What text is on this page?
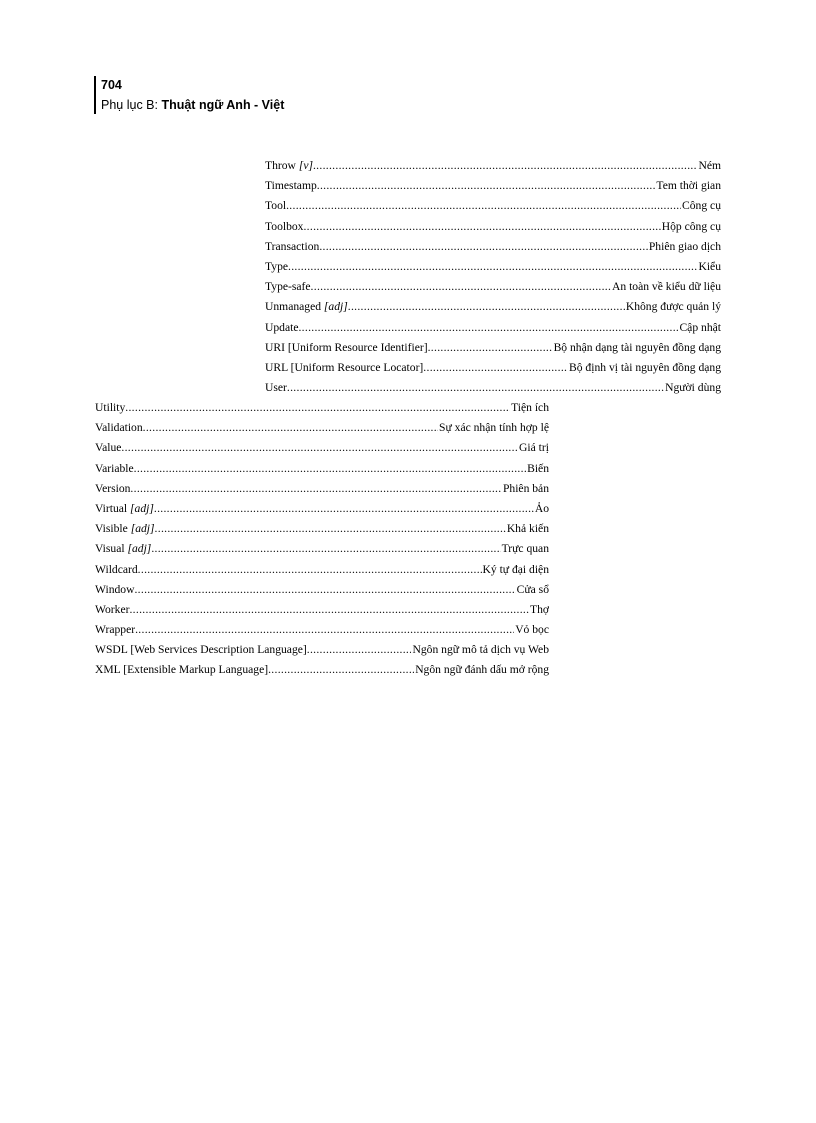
704
Phụ lục B: Thuật ngữ Anh - Việt
Throw [v] .....	Ném
Timestamp .....	Tem thời gian
Tool .....	Công cụ
Toolbox .....	Hộp công cụ
Transaction .....	Phiên giao dịch
Type .....	Kiểu
Type-safe .....	An toàn về kiểu dữ liệu
Unmanaged [adj] .....	Không được quản lý
Update .....	Cập nhật
URI [Uniform Resource Identifier] .....	Bộ nhận dạng tài nguyên đồng dạng
URL [Uniform Resource Locator] .....	Bộ định vị tài nguyên đồng dạng
User .....	Người dùng
Utility .....	Tiện ích
Validation .....	Sự xác nhận tính hợp lệ
Value .....	Giá trị
Variable .....	Biến
Version .....	Phiên bản
Virtual [adj] .....	Ảo
Visible [adj] .....	Khả kiến
Visual [adj] .....	Trực quan
Wildcard .....	Ký tự đại diện
Window .....	Cửa sổ
Worker .....	Thợ
Wrapper .....	Vỏ bọc
WSDL [Web Services Description Language] .....	Ngôn ngữ mô tả dịch vụ Web
XML [Extensible Markup Language] .....	Ngôn ngữ đánh dấu mở rộng
